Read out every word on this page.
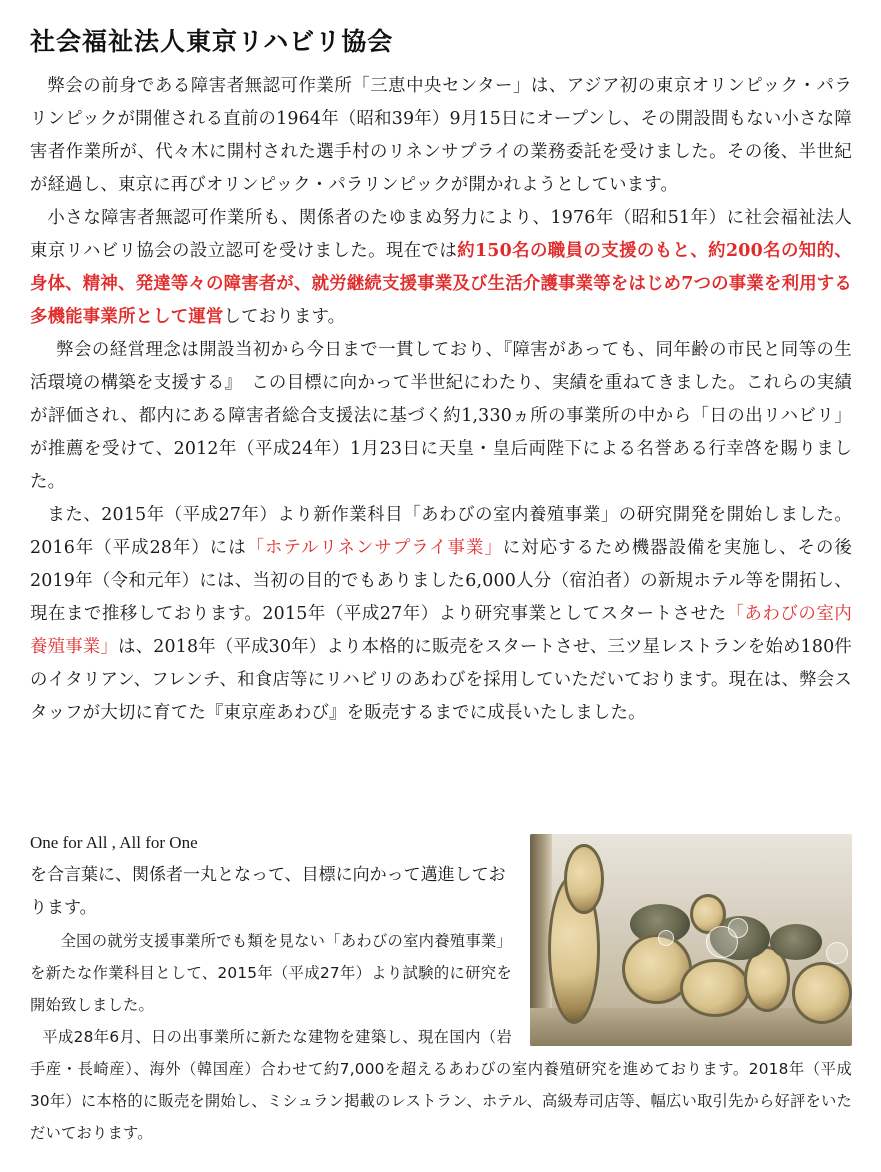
社会福祉法人東京リハビリ協会

弊会の前身である障害者無認可作業所「三恵中央センター」は、アジア初の東京オリンピック・パラリンピックが開催される直前の1964年（昭和39年）9月15日にオープンし、その開設間もない小さな障害者作業所が、代々木に開村された選手村のリネンサプライの業務委託を受けました。その後、半世紀が経過し、東京に再びオリンピック・パラリンピックが開かれようとしています。

小さな障害者無認可作業所も、関係者のたゆまぬ努力により、1976年（昭和51年）に社会福祉法人東京リハビリ協会の設立認可を受けました。現在では約150名の職員の支援のもと、約200名の知的、身体、精神、発達等々の障害者が、就労継続支援事業及び生活介護事業等をはじめ7つの事業を利用する多機能事業所として運営しております。

弊会の経営理念は開設当初から今日まで一貫しており、『障害があっても、同年齢の市民と同等の生活環境の構築を支援する』　この目標に向かって半世紀にわたり、実績を重ねてきました。これらの実績が評価され、都内にある障害者総合支援法に基づく約1,330ヵ所の事業所の中から「日の出リハビリ」が推薦を受けて、2012年（平成24年）1月23日に天皇・皇后両陛下による名誉ある行幸啓を賜りました。

また、2015年（平成27年）より新作業科目「あわびの室内養殖事業」の研究開発を開始しました。2016年（平成28年）には「ホテルリネンサプライ事業」に対応するため機器設備を実施し、その後2019年（令和元年）には、当初の目的でもありました6,000人分（宿泊者）の新規ホテル等を開拓し、現在まで推移しております。2015年（平成27年）より研究事業としてスタートさせた「あわびの室内養殖事業」は、2018年（平成30年）より本格的に販売をスタートさせ、三ツ星レストランを始め180件のイタリアン、フレンチ、和食店等にリハビリのあわびを採用していただいております。現在は、弊会スタッフが大切に育てた『東京産あわび』を販売するまでに成長いたしました。

One for All , All for One

を合言葉に、関係者一丸となって、目標に向かって邁進しております。

全国の就労支援事業所でも類を見ない「あわびの室内養殖事業」を新たな作業科目として、2015年（平成27年）より試験的に研究を開始致しました。

平成28年6月、日の出事業所に新たな建物を建築し、現在国内（岩手産・長崎産）、海外（韓国産）合わせて約7,000を超えるあわびの室内養殖研究を進めております。2018年（平成30年）に本格的に販売を開始し、ミシュラン掲載のレストラン、ホテル、高級寿司店等、幅広い取引先から好評をいただいております。
